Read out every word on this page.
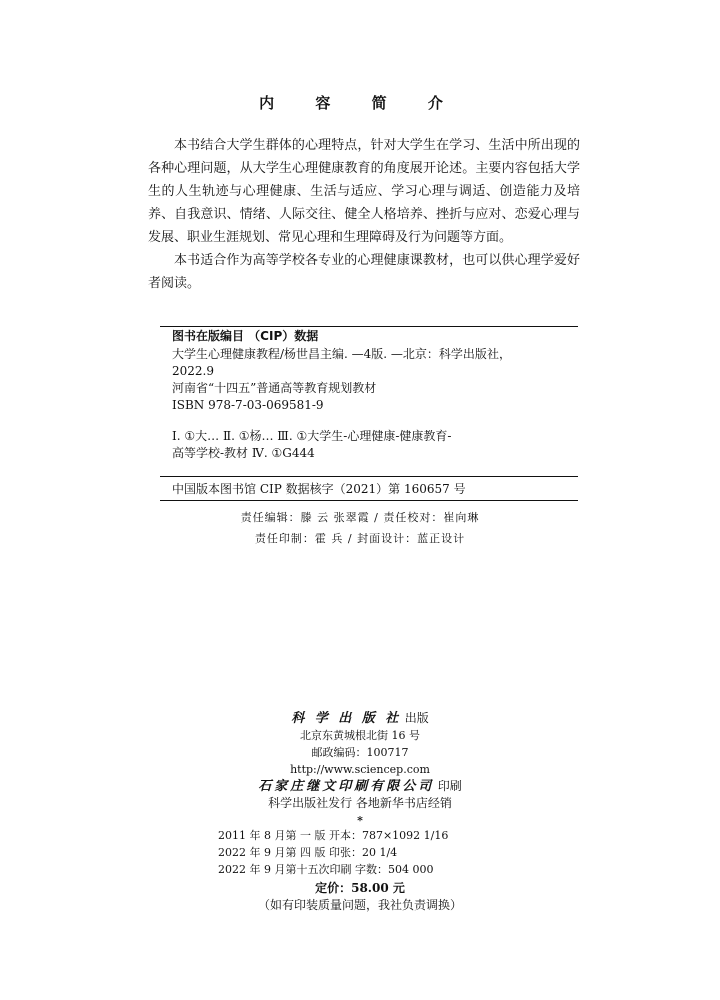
内 容 简 介

本书结合大学生群体的心理特点，针对大学生在学习、生活中所出现的各种心理问题，从大学生心理健康教育的角度展开论述。主要内容包括大学生的人生轨迹与心理健康、生活与适应、学习心理与调适、创造能力及培养、自我意识、情绪、人际交往、健全人格培养、挫折与应对、恋爱心理与发展、职业生涯规划、常见心理和生理障碍及行为问题等方面。

本书适合作为高等学校各专业的心理健康课教材，也可以供心理学爱好者阅读。

图书在版编目 （CIP）数据
大学生心理健康教程/杨世昌主编. —4版. —北京：科学出版社，
2022.9
河南省“十四五”普通高等教育规划教材
ISBN 978-7-03-069581-9
Ⅰ. ①大… Ⅱ. ①杨… Ⅲ. ①大学生-心理健康-健康教育-
高等学校-教材 Ⅳ. ①G444
中国版本图书馆 CIP 数据核字（2021）第 160657 号
责任编辑：滕 云 张翠霞 / 责任校对：崔向琳
责任印制：霍 兵 / 封面设计：蓝正设计
科 学 出 版 社 出版
北京东黄城根北街 16 号
邮政编码：100717
http://www.sciencep.com
石家庄继文印刷有限公司 印刷
科学出版社发行 各地新华书店经销
*
2011 年 8 月第 一 版 开本：787×1092 1/16
2022 年 9 月第 四 版 印张：20 1/4
2022 年 9 月第十五次印刷 字数：504 000
定价：58.00 元
（如有印装质量问题，我社负责调换）
